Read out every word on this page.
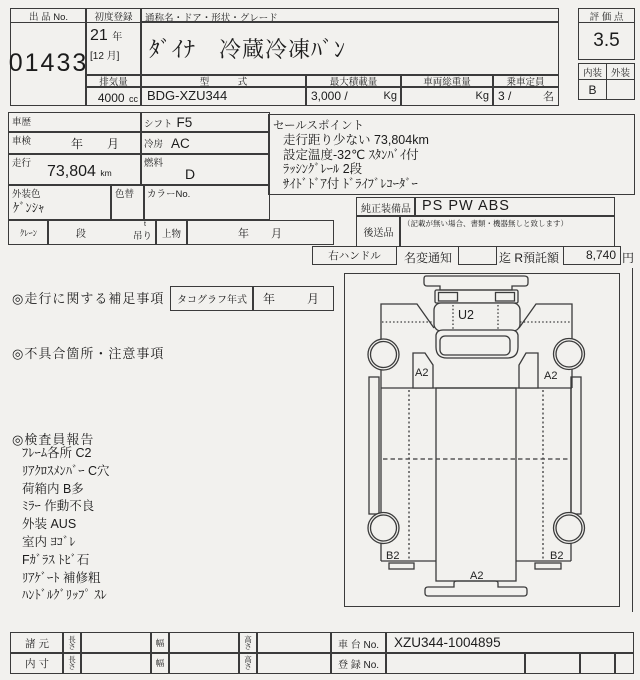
出 品 No.
01433
初度登録
21 年
[12 月]
排気量
4000 cc
通称名・ドア・形状・グレード
ﾀﾞｲﾅ　冷蔵冷凍ﾊﾞﾝ
型　　　式
BDG-XZU344
最大積載量
3,000 /	Kg
車両総重量
Kg
乗車定員
3 /	名
評 価 点
3.5
内装 外装
B
車歴	シフト F5
車検	年　月	冷房 AC
走行 73,804 km
燃料
D
外装色
ｹﾞﾝｼｬ
色替 カラーNo.
ｸﾚｰﾝ	段
t
吊り	上物	年　　月
セールスポイント
走行距り少ない 73,804km
設定温度-32℃ ｽﾀﾝﾊﾞｲ付
ﾗｯｼﾝｸﾞﾚｰﾙ 2段
ｻｲﾄﾞﾄﾞｱ付 ﾄﾞﾗｲﾌﾞﾚｺｰﾀﾞｰ
純正装備品 PS PW ABS
後送品
（記載が無い場合、書類・機器無しと致します）
右ハンドル	名変通知	迄 R預託額	8,740 円
◎走行に関する補足事項	タコグラフ年式	年　月
◎不具合箇所・注意事項
◎検査員報告
ﾌﾚｰﾑ各所 C2
ﾘｱｸﾛｽﾒﾝﾊﾞｰ C穴
荷箱内 B多
ﾐﾗｰ 作動不良
外装 AUS
室内 ﾖｺﾞﾚ
Fｶﾞﾗｽ ﾄﾋﾞ石
ﾘｱｹﾞｰﾄ 補修粗
ﾊﾝﾄﾞﾙｸﾞﾘｯﾌﾟ ｽﾚ
U2
A2	A2
B2	B2
A2
諸 元	長さ	幅	高さ	車 台 No.	XZU344-1004895
内 寸	長さ	幅	高さ	登 録 No.
